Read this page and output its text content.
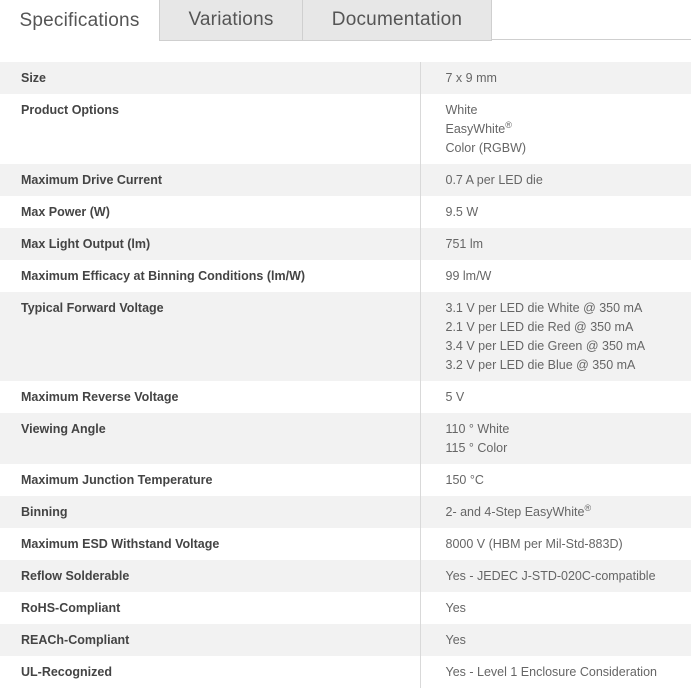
Specifications	Variations	Documentation
Size	7 x 9 mm

Product Options	White
EasyWhite®
Color (RGBW)

Maximum Drive Current	0.7 A per LED die

Max Power (W)	9.5 W

Max Light Output (lm)	751 lm

Maximum Efficacy at Binning Conditions (lm/W)	99 lm/W

Typical Forward Voltage	3.1 V per LED die White @ 350 mA
2.1 V per LED die Red @ 350 mA
3.4 V per LED die Green @ 350 mA
3.2 V per LED die Blue @ 350 mA

Maximum Reverse Voltage	5 V

Viewing Angle	110 ° White
115 ° Color

Maximum Junction Temperature	150 °C

Binning	2- and 4-Step EasyWhite®

Maximum ESD Withstand Voltage	8000 V (HBM per Mil-Std-883D)

Reflow Solderable	Yes - JEDEC J-STD-020C-compatible

RoHS-Compliant	Yes

REACh-Compliant	Yes

UL-Recognized	Yes - Level 1 Enclosure Consideration
